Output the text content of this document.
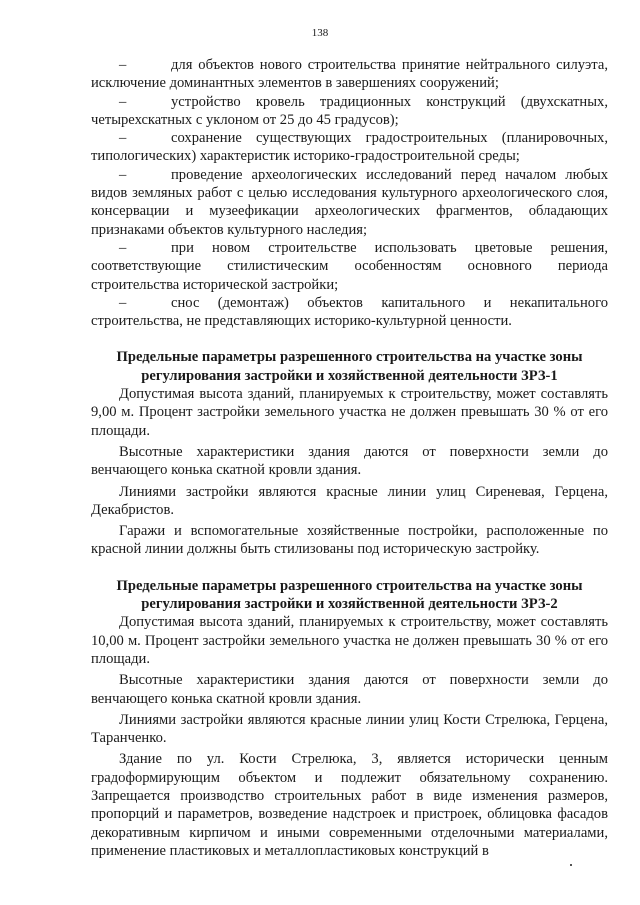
138

–	для объектов нового строительства принятие нейтрального силуэта, исключение доминантных элементов в завершениях сооружений;

–	устройство кровель традиционных конструкций (двухскатных, четырехскатных с уклоном от 25 до 45 градусов);

–	сохранение существующих градостроительных (планировочных, типологических) характеристик историко-градостроительной среды;

–	проведение археологических исследований перед началом любых видов земляных работ с целью исследования культурного археологического слоя, консервации и музеефикации археологических фрагментов, обладающих признаками объектов культурного наследия;

–	при новом строительстве использовать цветовые решения, соответствующие стилистическим особенностям основного периода строительства исторической застройки;

–	снос (демонтаж) объектов капитального и некапитального строительства, не представляющих историко-культурной ценности.

Предельные параметры разрешенного строительства на участке зоны
регулирования застройки и хозяйственной деятельности ЗРЗ-1

Допустимая высота зданий, планируемых к строительству, может составлять 9,00 м. Процент застройки земельного участка не должен превышать 30 % от его площади.

Высотные характеристики здания даются от поверхности земли до венчающего конька скатной кровли здания.

Линиями застройки являются красные линии улиц Сиреневая, Герцена, Декабристов.

Гаражи и вспомогательные хозяйственные постройки, расположенные по красной линии должны быть стилизованы под историческую застройку.

Предельные параметры разрешенного строительства на участке зоны
регулирования застройки и хозяйственной деятельности ЗРЗ-2

Допустимая высота зданий, планируемых к строительству, может составлять 10,00 м. Процент застройки земельного участка не должен превышать 30 % от его площади.

Высотные характеристики здания даются от поверхности земли до венчающего конька скатной кровли здания.

Линиями застройки являются красные линии улиц Кости Стрелюка, Герцена, Таранченко.

Здание по ул. Кости Стрелюка, 3, является исторически ценным градоформирующим объектом и подлежит обязательному сохранению. Запрещается производство строительных работ в виде изменения размеров, пропорций и параметров, возведение надстроек и пристроек, облицовка фасадов декоративным кирпичом и иными современными отделочными материалами, применение пластиковых и металлопластиковых конструкций в
